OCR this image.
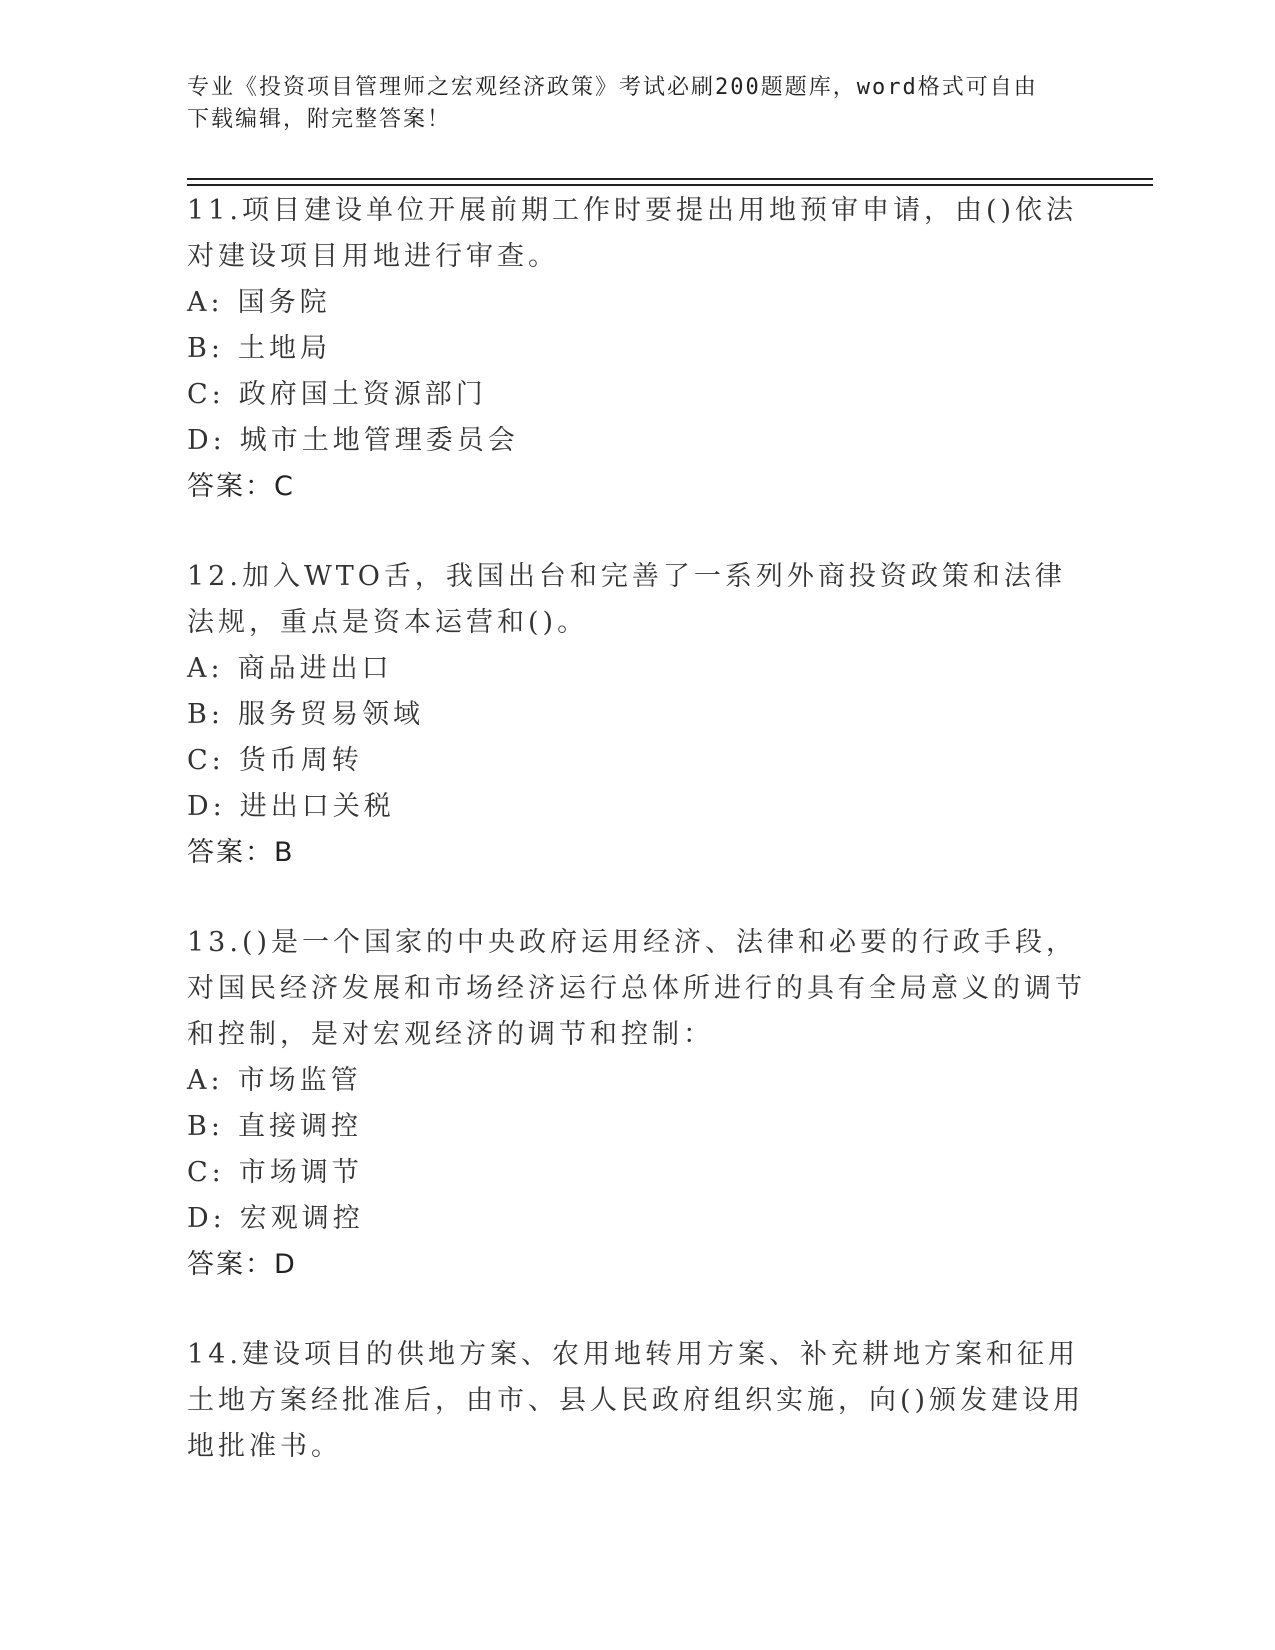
专业《投资项目管理师之宏观经济政策》考试必刷200题题库，word格式可自由
下载编辑，附完整答案！
11.项目建设单位开展前期工作时要提出用地预审申请，由()依法对建设项目用地进行审查。
A: 国务院
B: 土地局
C: 政府国土资源部门
D: 城市土地管理委员会
答案：C
12.加入WTO舌，我国出台和完善了一系列外商投资政策和法律法规，重点是资本运营和()。
A: 商品进出口
B: 服务贸易领域
C: 货币周转
D: 进出口关税
答案：B
13.()是一个国家的中央政府运用经济、法律和必要的行政手段，对国民经济发展和市场经济运行总体所进行的具有全局意义的调节和控制，是对宏观经济的调节和控制：
A: 市场监管
B: 直接调控
C: 市场调节
D: 宏观调控
答案：D
14.建设项目的供地方案、农用地转用方案、补充耕地方案和征用土地方案经批准后，由市、县人民政府组织实施，向()颁发建设用地批准书。
